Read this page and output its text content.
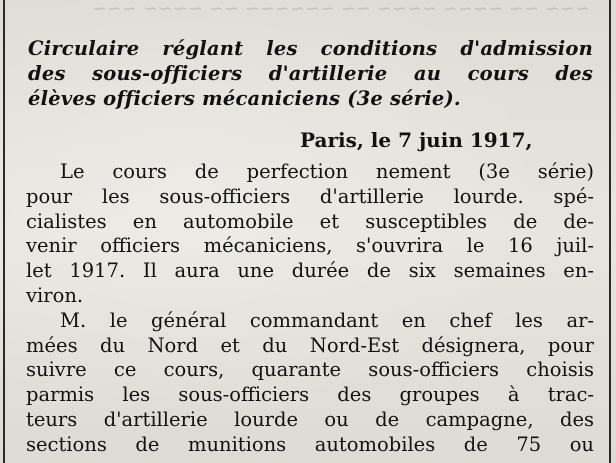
~~~ ~~ ~~~~ ~~~~ ~~ ~~~~~~ ~~ ~~~~ ~~~
Circulaire réglant les conditions d'admission
des sous-officiers d'artillerie au cours des
élèves officiers mécaniciens (3e série).
Paris, le 7 juin 1917,
Le cours de perfection nement (3e série)
pour les sous-officiers d'artillerie lourde. spé-
cialistes en automobile et susceptibles de de-
venir officiers mécaniciens, s'ouvrira le 16 juil-
let 1917. Il aura une durée de six semaines en-
viron.
M. le général commandant en chef les ar-
mées du Nord et du Nord-Est désignera, pour
suivre ce cours, quarante sous-officiers choisis
parmis les sous-officiers des groupes à trac-
teurs d'artillerie lourde ou de campagne, des
sections de munitions automobiles de 75 ou
